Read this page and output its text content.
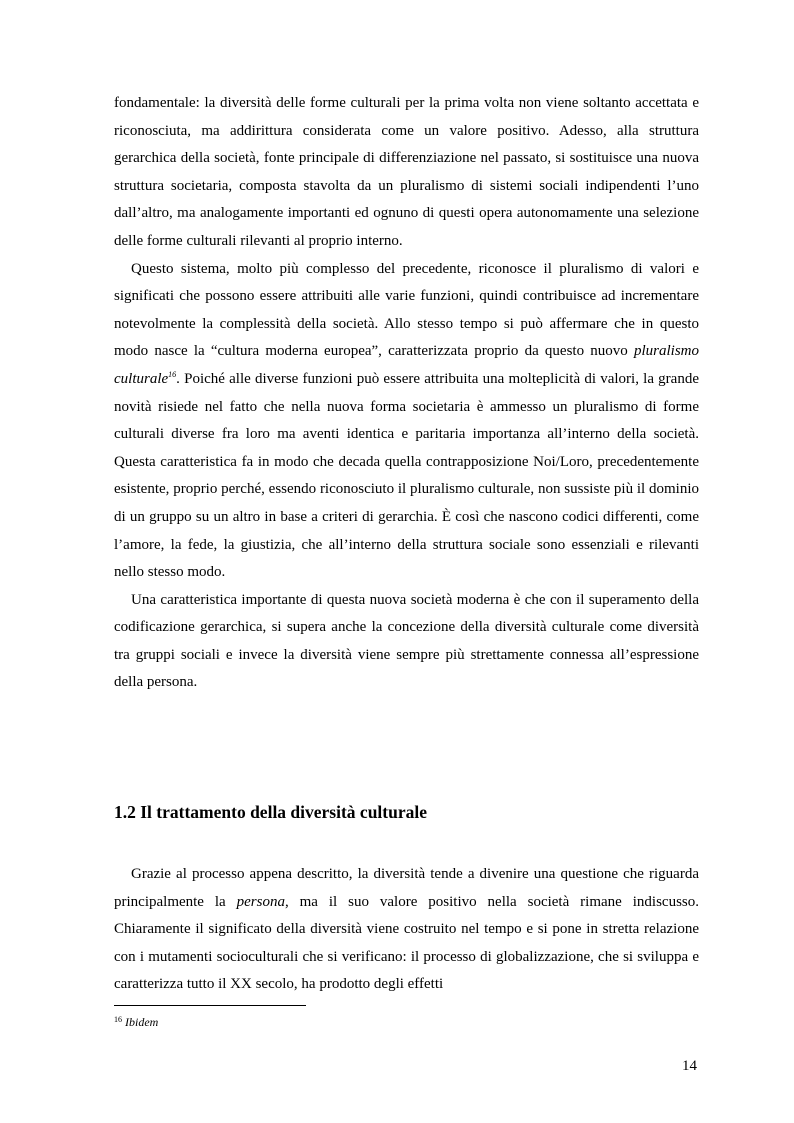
fondamentale: la diversità delle forme culturali per la prima volta non viene soltanto accettata e riconosciuta, ma addirittura considerata come un valore positivo. Adesso, alla struttura gerarchica della società, fonte principale di differenziazione nel passato, si sostituisce una nuova struttura societaria, composta stavolta da un pluralismo di sistemi sociali indipendenti l’uno dall’altro, ma analogamente importanti ed ognuno di questi opera autonomamente una selezione delle forme culturali rilevanti al proprio interno.

Questo sistema, molto più complesso del precedente, riconosce il pluralismo di valori e significati che possono essere attribuiti alle varie funzioni, quindi contribuisce ad incrementare notevolmente la complessità della società. Allo stesso tempo si può affermare che in questo modo nasce la “cultura moderna europea”, caratterizzata proprio da questo nuovo pluralismo culturale$^{16}$. Poiché alle diverse funzioni può essere attribuita una molteplicità di valori, la grande novità risiede nel fatto che nella nuova forma societaria è ammesso un pluralismo di forme culturali diverse fra loro ma aventi identica e paritaria importanza all’interno della società. Questa caratteristica fa in modo che decada quella contrapposizione Noi/Loro, precedentemente esistente, proprio perché, essendo riconosciuto il pluralismo culturale, non sussiste più il dominio di un gruppo su un altro in base a criteri di gerarchia. È così che nascono codici differenti, come l’amore, la fede, la giustizia, che all’interno della struttura sociale sono essenziali e rilevanti nello stesso modo.

Una caratteristica importante di questa nuova società moderna è che con il superamento della codificazione gerarchica, si supera anche la concezione della diversità culturale come diversità tra gruppi sociali e invece la diversità viene sempre più strettamente connessa all’espressione della persona.

1.2 Il trattamento della diversità culturale

Grazie al processo appena descritto, la diversità tende a divenire una questione che riguarda principalmente la persona, ma il suo valore positivo nella società rimane indiscusso. Chiaramente il significato della diversità viene costruito nel tempo e si pone in stretta relazione con i mutamenti socioculturali che si verificano: il processo di globalizzazione, che si sviluppa e caratterizza tutto il XX secolo, ha prodotto degli effetti

$^{16}$ Ibidem
14
